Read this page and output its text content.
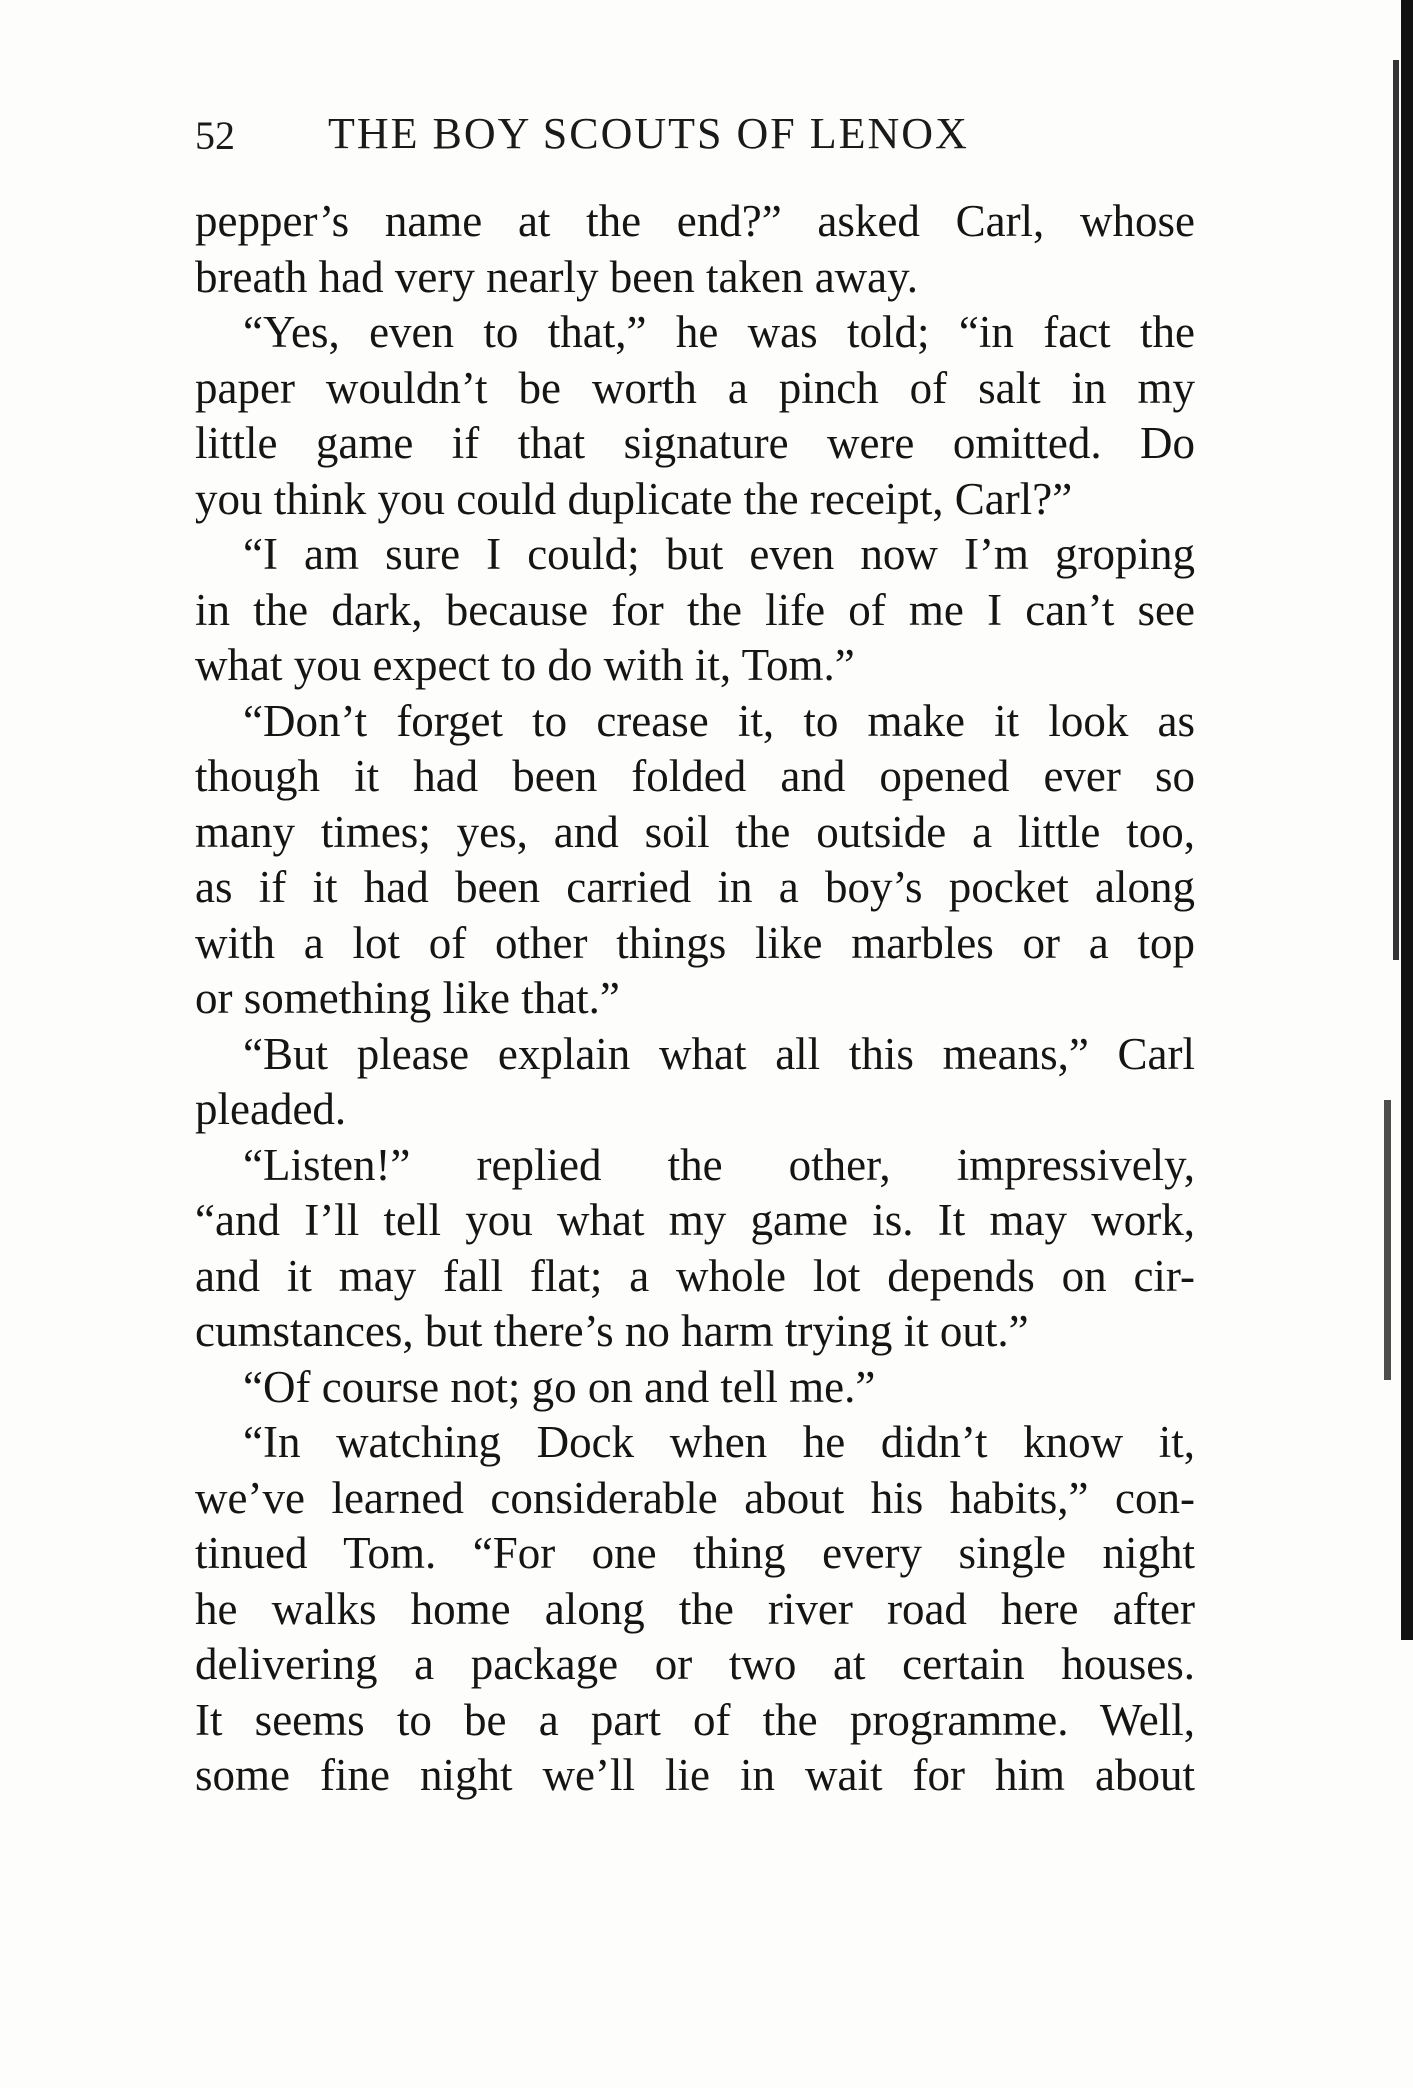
52 THE BOY SCOUTS OF LENOX
pepper’s name at the end?” asked Carl, whose
breath had very nearly been taken away.
“Yes, even to that,” he was told; “in fact the
paper wouldn’t be worth a pinch of salt in my
little game if that signature were omitted. Do
you think you could duplicate the receipt, Carl?”
“I am sure I could; but even now I’m groping
in the dark, because for the life of me I can’t see
what you expect to do with it, Tom.”
“Don’t forget to crease it, to make it look as
though it had been folded and opened ever so
many times; yes, and soil the outside a little too,
as if it had been carried in a boy’s pocket along
with a lot of other things like marbles or a top
or something like that.”
“But please explain what all this means,” Carl
pleaded.
“Listen!” replied the other, impressively,
“and I’ll tell you what my game is. It may work,
and it may fall flat; a whole lot depends on cir-
cumstances, but there’s no harm trying it out.”
“Of course not; go on and tell me.”
“In watching Dock when he didn’t know it,
we’ve learned considerable about his habits,” con-
tinued Tom. “For one thing every single night
he walks home along the river road here after
delivering a package or two at certain houses.
It seems to be a part of the programme. Well,
some fine night we’ll lie in wait for him about
